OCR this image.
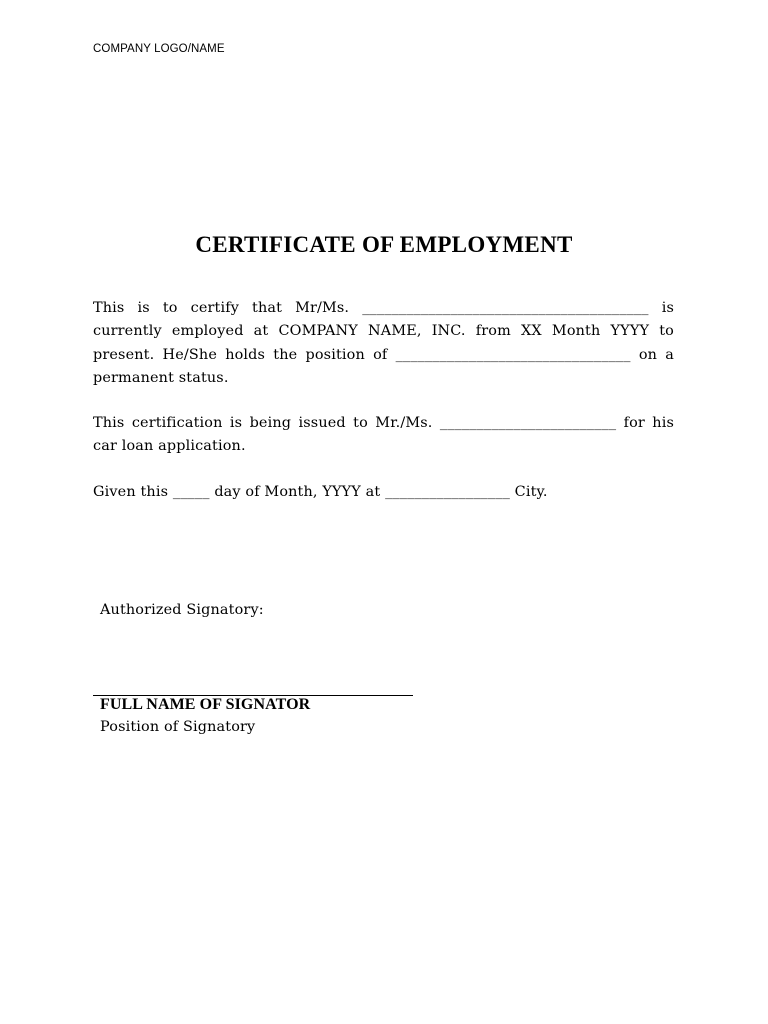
COMPANY LOGO/NAME
CERTIFICATE OF EMPLOYMENT
This is to certify that Mr/Ms. _______________________________________ is currently employed at COMPANY NAME, INC. from XX Month YYYY to present. He/She holds the position of ________________________________ on a permanent status.
This certification is being issued to Mr./Ms. ________________________ for his car loan application.
Given this _____ day of Month, YYYY at _________________ City.
Authorized Signatory:
FULL NAME OF SIGNATOR
Position of Signatory
